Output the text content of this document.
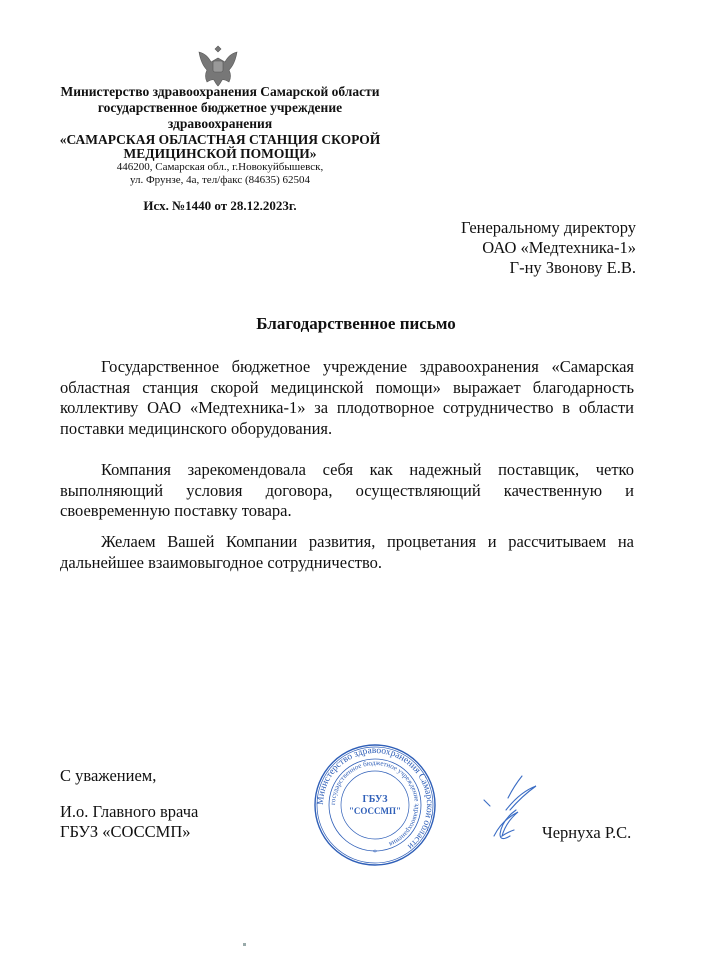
Министерство здравоохранения Самарской области
государственное бюджетное учреждение
здравоохранения
«САМАРСКАЯ ОБЛАСТНАЯ СТАНЦИЯ СКОРОЙ
МЕДИЦИНСКОЙ ПОМОЩИ»
446200, Самарская обл., г.Новокуйбышевск,
ул. Фрунзе, 4а, тел/факс (84635) 62504
Исх. №1440 от 28.12.2023г.
Генеральному директору
ОАО «Медтехника-1»
Г-ну Звонову Е.В.
Благодарственное письмо

Государственное бюджетное учреждение здравоохранения «Самарская областная станция скорой медицинской помощи» выражает благодарность коллективу ОАО «Медтехника-1» за плодотворное сотрудничество в области поставки медицинского оборудования.

Компания зарекомендовала себя как надежный поставщик, четко выполняющий условия договора, осуществляющий качественную и своевременную поставку товара.

Желаем Вашей Компании развития, процветания и рассчитываем на дальнейшее взаимовыгодное сотрудничество.

С уважением,
И.о. Главного врача
ГБУЗ «СОССМП»	Чернуха Р.С.
Министерство здравоохранения Самарской области
государственное бюджетное учреждение здравоохранения
ГБУЗ
"СОССМП"
*
